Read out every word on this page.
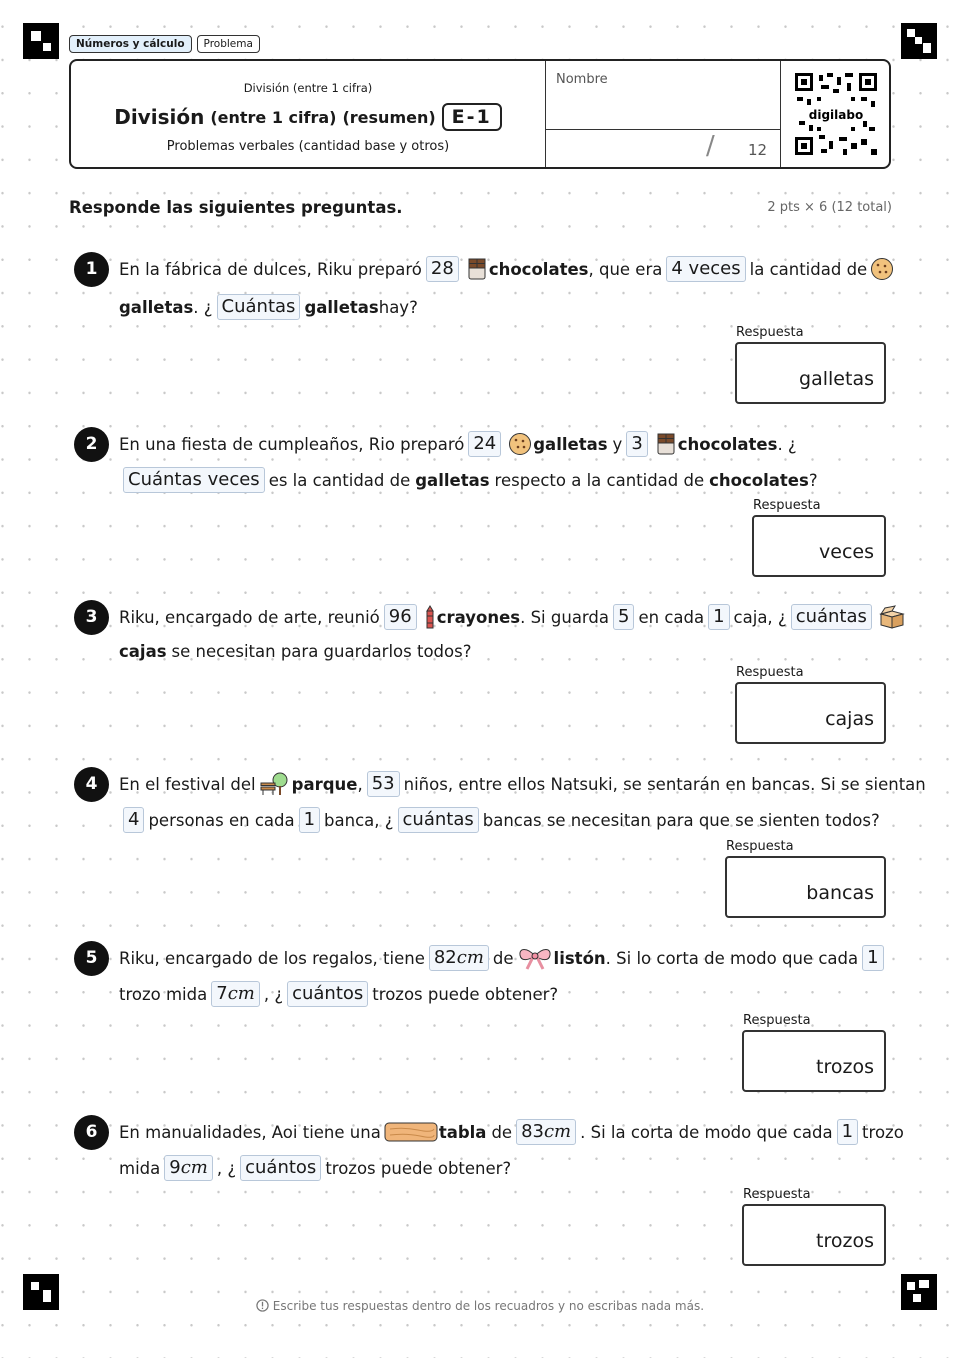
Números y cálculo	Problema
División (entre 1 cifra)
División (entre 1 cifra) (resumen) E-1
Problemas verbales (cantidad base y otros)
Nombre
/ 12
digilabo
Responde las siguientes preguntas.	2 pts × 6 (12 total)
1	En la fábrica de dulces, Riku preparó 28	chocolates , que era 4 veces la cantidad de
galletas . ¿ Cuántas galletas hay?
Respuesta
galletas
2	En una fiesta de cumpleaños, Rio preparó 24	galletas y 3	chocolates . ¿
Cuántas veces es la cantidad de galletas respecto a la cantidad de chocolates ?
Respuesta
veces
3	Riku, encargado de arte, reunió 96	crayones . Si guarda 5 en cada 1 caja, ¿ cuántas
cajas se necesitan para guardarlos todos?
Respuesta
cajas
4	En el festival del parque , 53 niños, entre ellos Natsuki, se sentarán en bancas. Si se sientan
4 personas en cada 1 banca, ¿ cuántas bancas se necesitan para que se sienten todos?
Respuesta
bancas
5	Riku, encargado de los regalos, tiene 82cm de listón . Si lo corta de modo que cada 1
trozo mida 7cm , ¿ cuántos trozos puede obtener?
Respuesta
trozos
6	En manualidades, Aoi tiene una	tabla de 83cm . Si la corta de modo que cada 1 trozo
mida 9cm , ¿ cuántos trozos puede obtener?
Respuesta
trozos
Escribe tus respuestas dentro de los recuadros y no escribas nada más.
